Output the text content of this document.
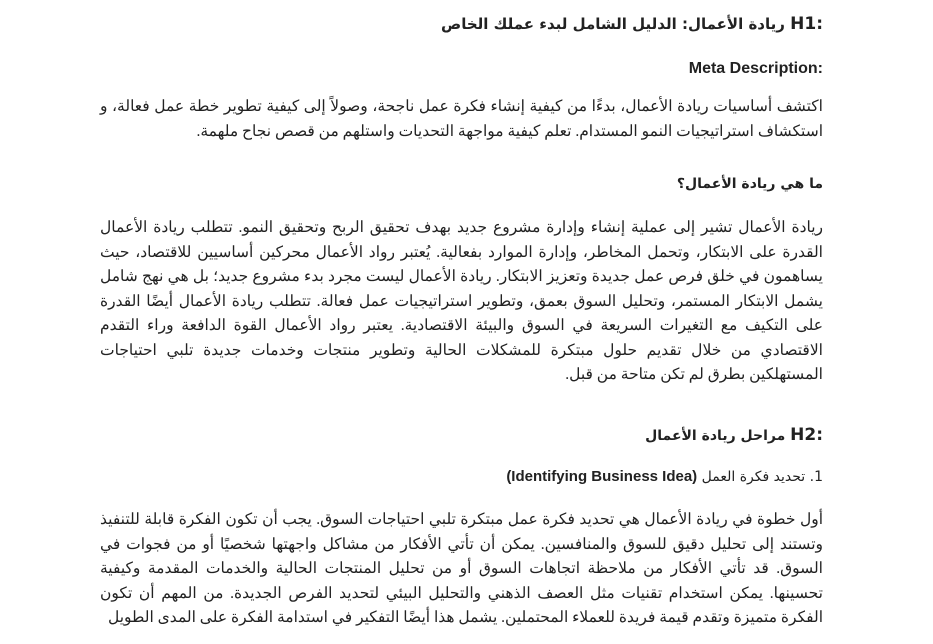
H1: ريادة الأعمال: الدليل الشامل لبدء عملك الخاص
:Meta Description
اكتشف أساسيات ريادة الأعمال، بدءًا من كيفية إنشاء فكرة عمل ناجحة، وصولاً إلى كيفية تطوير خطة عمل فعالة، و استكشاف استراتيجيات النمو المستدام. تعلم كيفية مواجهة التحديات واستلهم من قصص نجاح ملهمة.
ما هي ريادة الأعمال؟
ريادة الأعمال تشير إلى عملية إنشاء وإدارة مشروع جديد بهدف تحقيق الربح وتحقيق النمو. تتطلب ريادة الأعمال القدرة على الابتكار، وتحمل المخاطر، وإدارة الموارد بفعالية. يُعتبر رواد الأعمال محركين أساسيين للاقتصاد، حيث يساهمون في خلق فرص عمل جديدة وتعزيز الابتكار. ريادة الأعمال ليست مجرد بدء مشروع جديد؛ بل هي نهج شامل يشمل الابتكار المستمر، وتحليل السوق بعمق، وتطوير استراتيجيات عمل فعالة. تتطلب ريادة الأعمال أيضًا القدرة على التكيف مع التغيرات السريعة في السوق والبيئة الاقتصادية. يعتبر رواد الأعمال القوة الدافعة وراء التقدم الاقتصادي من خلال تقديم حلول مبتكرة للمشكلات الحالية وتطوير منتجات وخدمات جديدة تلبي احتياجات المستهلكين بطرق لم تكن متاحة من قبل.
H2: مراحل ريادة الأعمال
1. تحديد فكرة العمل (Identifying Business Idea)
أول خطوة في ريادة الأعمال هي تحديد فكرة عمل مبتكرة تلبي احتياجات السوق. يجب أن تكون الفكرة قابلة للتنفيذ وتستند إلى تحليل دقيق للسوق والمنافسين. يمكن أن تأتي الأفكار من مشاكل واجهتها شخصيًا أو من فجوات في السوق. قد تأتي الأفكار من ملاحظة اتجاهات السوق أو من تحليل المنتجات الحالية والخدمات المقدمة وكيفية تحسينها. يمكن استخدام تقنيات مثل العصف الذهني والتحليل البيئي لتحديد الفرص الجديدة. من المهم أن تكون الفكرة متميزة وتقدم قيمة فريدة للعملاء المحتملين. يشمل هذا أيضًا التفكير في استدامة الفكرة على المدى الطويل
